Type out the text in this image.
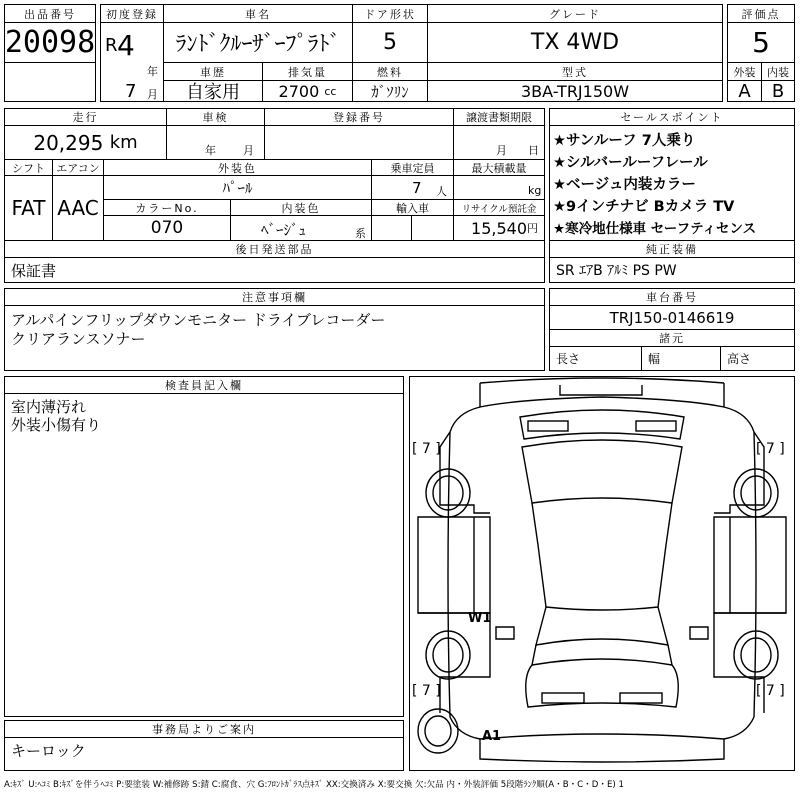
出品番号
20098
初度登録
R 4
年
7 月
車名
ﾗﾝﾄﾞｸﾙｰｻﾞｰﾌﾟﾗﾄﾞ
ドア形状
5
グレード
TX 4WD
評価点
5
車歴
自家用
排気量
2700
cc
燃料
ｶﾞｿﾘﾝ
型式
3BA-TRJ150W
外装	内装
A	B
走行
20,295
km
車検
年 月
登録番号	譲渡書類期限
月 日
シフト
FAT
エアコン
AAC
外装色
ﾊﾟｰﾙ
カラーNo.
070
内装色
ﾍﾞｰｼﾞｭ	系
乗車定員
7 人
最大積載量
kg
輸入車	リサイクル預託金
15,540 円
後日発送部品
保証書
セールスポイント
★サンルーフ 7人乗り
★シルバールーフレール
★ベージュ内装カラー
★9インチナビ Bカメラ TV
★寒冷地仕様車 セーフティセンス
純正装備
SR ｴｱB ｱﾙﾐ PS PW
注意事項欄
アルパインフリップダウンモニター ドライブレコーダー
クリアランスソナー
車台番号
TRJ150-0146619
諸元
長さ	幅	高さ
検査員記入欄
室内薄汚れ
外装小傷有り
事務局よりご案内
キーロック
[ 7 ]	[ 7 ]
[ 7 ]	[ 7 ]
W1
A1
A:ｷｽﾞ U:ﾍｺﾐ B:ｷｽﾞを伴うﾍｺﾐ P:要塗装 W:補修跡 S:錆 C:腐食、穴 G:ﾌﾛﾝﾄｶﾞﾗｽ点ｷｽﾞ XX:交換済み X:要交換 欠:欠品 内・外装評価 5段階ﾗﾝｸ順(A・B・C・D・E) 1
